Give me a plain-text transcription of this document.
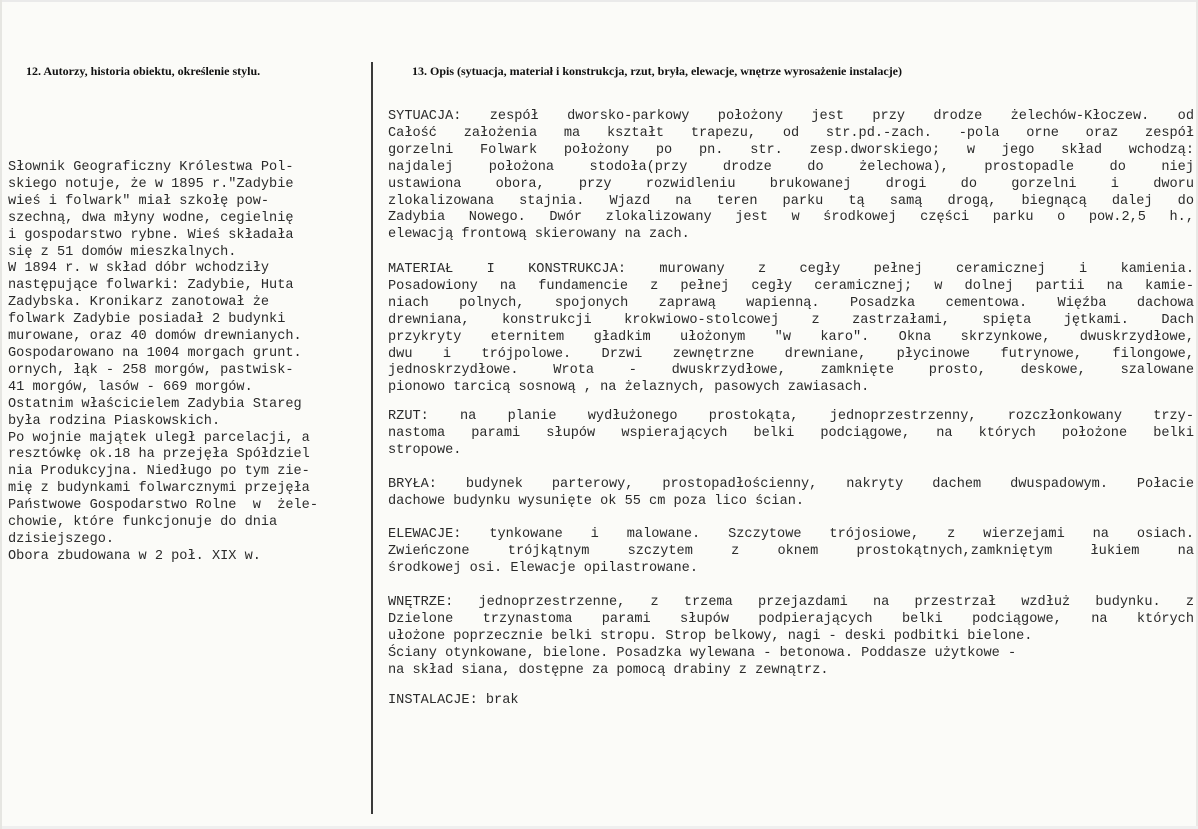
12. Autorzy, historia obiektu, określenie stylu.	13. Opis (sytuacja, materiał i konstrukcja, rzut, bryła, elewacje, wnętrze wyrosażenie instalacje)
Słownik Geograficzny Królestwa Pol-
skiego notuje, że w 1895 r."Zadybie
wieś i folwark" miał szkołę pow-
szechną, dwa młyny wodne, cegielnię
i gospodarstwo rybne. Wieś składała
się z 51 domów mieszkalnych.
W 1894 r. w skład dóbr wchodziły
następujące folwarki: Zadybie, Huta
Zadybska. Kronikarz zanotował że
folwark Zadybie posiadał 2 budynki
murowane, oraz 40 domów drewnianych.
Gospodarowano na 1004 morgach grunt.
ornych, łąk - 258 morgów, pastwisk-
41 morgów, lasów - 669 morgów.
Ostatnim właścicielem Zadybia Stareg
była rodzina Piaskowskich.
Po wojnie majątek uległ parcelacji, a
resztówkę ok.18 ha przejęła Spółdziel
nia Produkcyjna. Niedługo po tym zie-
mię z budynkami folwarcznymi przejęła
Państwowe Gospodarstwo Rolne  w  żele-
chowie, które funkcjonuje do dnia
dzisiejszego.
Obora zbudowana w 2 poł. XIX w.
SYTUACJA: zespół dworsko-parkowy położony jest przy drodze żelechów-Kłoczew. od
Całość założenia ma kształt trapezu, od str.pd.-zach. -pola orne oraz zespół
gorzelni Folwark położony po pn. str. zesp.dworskiego; w jego skład wchodzą:
najdalej położona stodoła(przy drodze do żelechowa), prostopadle do niej
ustawiona obora, przy rozwidleniu brukowanej drogi do gorzelni i dworu
zlokalizowana stajnia. Wjazd na teren parku tą samą drogą, biegnącą dalej do
Zadybia Nowego. Dwór zlokalizowany jest w środkowej części parku o pow.2,5 h.,
elewacją frontową skierowany na zach.
MATERIAŁ I KONSTRUKCJA: murowany z cegły pełnej ceramicznej i kamienia.
Posadowiony na fundamencie z pełnej cegły ceramicznej; w dolnej partii na kamie-
niach polnych, spojonych zaprawą wapienną. Posadzka cementowa. Więźba dachowa
drewniana, konstrukcji krokwiowo-stolcowej z zastrzałami, spięta jętkami. Dach
przykryty eternitem gładkim ułożonym "w karo". Okna skrzynkowe, dwuskrzydłowe,
dwu i trójpolowe. Drzwi zewnętrzne drewniane, płycinowe futrynowe, filongowe,
jednoskrzydłowe. Wrota - dwuskrzydłowe, zamknięte prosto, deskowe, szalowane
pionowo tarcicą sosnową , na żelaznych, pasowych zawiasach.
RZUT: na planie wydłużonego prostokąta, jednoprzestrzenny, rozczłonkowany trzy-
nastoma parami słupów wspierających belki podciągowe, na których położone belki
stropowe.
BRYŁA: budynek parterowy, prostopadłościenny, nakryty dachem dwuspadowym. Połacie
dachowe budynku wysunięte ok 55 cm poza lico ścian.
ELEWACJE: tynkowane i malowane. Szczytowe trójosiowe, z wierzejami na osiach.
Zwieńczone trójkątnym szczytem z oknem prostokątnych,zamkniętym łukiem na
środkowej osi. Elewacje opilastrowane.
WNĘTRZE: jednoprzestrzenne, z trzema przejazdami na przestrzał wzdłuż budynku. z
Dzielone trzynastoma parami słupów podpierających belki podciągowe, na których
ułożone poprzecznie belki stropu. Strop belkowy, nagi - deski podbitki bielone.
Ściany otynkowane, bielone. Posadzka wylewana - betonowa. Poddasze użytkowe -
na skład siana, dostępne za pomocą drabiny z zewnątrz.
INSTALACJE: brak
